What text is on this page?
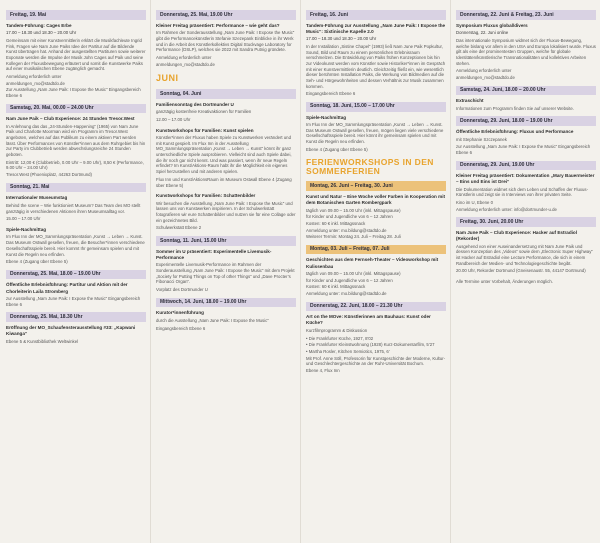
Freitag, 19. Mai
Tandem-Führung: Cages Erbe
17.00 – 18.30 und 18.30 – 20.00 Uhr
Gemeinsam mit einer Kunstvermittlerin erklärt die Musikfachleute Ingrid Fink, Fragen wie Nam June Paiks Idee der Partitur auf die Bildende Kunst übertragen hat. Anhand der ausgestellten Partituren sowie weiterer Exponate werden die Impulse der Musik John Cages auf Paik und seine Kollegen der Fluxusbewegung erläutert und somit die Kunstwerke Paiks auf einer musikalischen Ebene zugänglich gemacht.
Anmeldung erforderlich unter
anmeldungen_mo@stadtdo.de
Zur Ausstellung „Nam June Paik: I Expose the Music“ Eingangsbereich Ebene 6
Samstag, 20. Mai, 00.00 – 24.00 Uhr
Nam June Paik – Club Experience: 24 Stunden Tresor.West
In Anlehnung das das „24-Stunden-Happening“ (1965) von Nam June Paik und Charlotte Moorman wird ein Programm im Tresor.West angeboten, welches auf das Publikum zu einem aktiven Part werden lässt. Über Performances von Künstler*innen aus dem Ruhrgebiet bis hin zur Party im Clubbetrieb werden abwechslungsreiche 24 Stunden geboten.
Eintritt: 12,00 € (Clubbetrieb, 0.00 Uhr – 9.00 Uhr), 8,50 € (Performance, 9.00 Uhr – 24.00 Uhr)
Tresor.West (Phoenixplatz, 44263 Dortmund)
Sonntag, 21. Mai
Internationaler Museumstag
Behind the scene – Wie funktioniert Museum? Das Team des MO stellt ganztägig in verschiedenen Aktionen ihren Museumsalltag vor.
15.00 – 17.00 Uhr
Spiele-Nachmittag
Im Flux Inn der MO_Sammlungspräsentation „Kunst → Leben → Kunst. Das Museum Ostwall gesellen, freuen, die Besucher*innen verschiedene Gesellschaftsspiele bereit. Hier kommt Ihr gemeinsam spielen und mit Kunst die Regeln neu erfinden.
Ebene 4 (Zugang über Ebene 5)
Donnerstag, 25. Mai, 18.00 – 19.00 Uhr
Öffentliche Erlebnisführung: Partitur und Aktion mit der Chorleiterin Laila Stromberg
zur Ausstellung „Nam June Paik: I Expose the Music“ Eingangsbereich Ebene 6
Donnerstag, 25. Mai, 18.30 Uhr
Eröffnung der MO_Schaufensterausstellung #33: „Kapwani Kiwanga“
Ebene 5 & Kunstbibliothek Weltwinkel
Donnerstag, 25. Mai, 19.00 Uhr
Kleiner Freitag präsentiert: Performance – wie geht das?
Im Rahmen der Sonderausstellung „Nam June Paik: I Expose the Music“ gibt die Performancekünstlerin Stefanie Szezepank Einblicke in ihr Werk und in die Arbeit des Künstlerkollektivs Digital Stuckvage Laboratory for Performance (DSLP), welches sie 2022 mit Sandra Putnig gründete.
Anmeldung erforderlich unter
anmeldungen_mo@stadtdo.de
JUNI
Sonntag, 04. Juni
Familiensonntag des Dortmunder U
ganztägig kostenfreie Kreativaktionen für Familien
12.00 – 17.00 Uhr
Kunstworkshops für Familien: Kunst spielen
Künstler*innen der Fluxus haben Spiele zu Kunstwerken verändert und mit Kunst gespielt. Im Flux Inn in der Ausstellung MO_Sammlungspräsentation „Kunst → Leben → Kunst“ könnt ihr ganz unterschiedliche Spiele ausprobieren. Vielleicht sind auch Spiele dabei, die ihr noch gar nicht kennt. Und was passiert, wenn ihr neue Regeln erfindet? Im Kunst/Aktions-Raum habt ihr die Möglichkeit ein eigenes Spiel herzustellen und mit anderen spielen.
Flux Inn und Kunst/AktionsRaum im Museum Ostwall Ebene 4 (Zugang über Ebene 5)
Kunstworkshops für Familien: Schattenbilder
Wir besuchen die Ausstellung „Nam June Paik: I Expose the Music“ und lassen uns von Kunstwerken inspirieren. In der Schulwerkstatt fotografieren wir eure Schattenbilder und nutzen sie für eine Collage oder ein gezeichnetes Bild.
Schulwerkstatt Ebene 2
Sonntag, 11. Juni, 15.00 Uhr
Sommer im U präsentiert: Experimentelle Livemusik-Performance
Experimentelle Livemusik-Performance im Rahmen der Sonderausstellung „Nam June Paik: I Expose the Music“ mit dem Projekt „Society for Putting Things on Top of other Things“ und „Dave Procter’s Fibonacci Organ“.
Vorplatz des Dortmunder U
Mittwoch, 14. Juni, 18.00 – 19.00 Uhr
Kurator*innenführung
durch die Ausstellung „Nam June Paik: I Expose the Music“
Eingangsbereich Ebene 6
Freitag, 16. Juni
Tandem-Führung zur Ausstellung „Nam June Paik: I Expose the Music“: Sixtinische Kapelle 2.0
17.00 – 18.30 und 18.30 – 20.00 Uhr
In der Installation „Sistine Chapel“ (1993) ließ Nam June Paik Popkultur, Sound, Bild und Raum zu einem persönlichen Erlebnisraum verschmelzen. Die Entwicklung von Paiks frühen Konzeptionen bis hin zur Videokunst werden vom Künstler sowie Historiker*innen im Gespräch mit einer Kunstvermittlerin deutlich. Gleichzeitig fließt ein, wie wesentlich dieser berühmten Installation Paiks, die Werkung von Bildmedien auf die Seh- und Hörgewohnheiten und dessen Verhältnis zur Musik zusammen kommen.
Eingangsbereich Ebene 6
Sonntag, 18. Juni, 15.00 – 17.00 Uhr
Spiele-Nachmittag
Im Flux Inn der MO_Sammlungspräsentation „Kunst → Leben → Kunst. Das Museum Ostwall gesellen, freuen, mögen liegen viele verschiedene Gesellschaftsspiele bereit. Hier könnt ihr gemeinsam spielen und mit Kunst die Regeln neu erfinden.
Ebene 4 (Zugang über Ebene 5)
FERIENWORKSHOPS IN DEN SOMMERFERIEN
Montag, 26. Juni – Freitag, 30. Juni
Kunst und Natur – Eine Woche voller Farben in Kooperation mit dem Botanischen Garten Rombergpark
täglich von 09.00 – 15.00 Uhr (inkl. Mittagspause)
für Kinder und Jugendliche von 6 – 12 Jahren
Kosten: 60 € inkl. Mittagssnack
Anmeldung unter: mo.bildung@stadtdo.de
Weiterer Termin: Montag 24. Juli – Freitag 28. Juli
Montag, 03. Juli – Freitag, 07. Juli
Geschichten aus dem Fernseh-Theater – Videoworkshop mit Kulissenbau
täglich von 09.00 – 15.00 Uhr (inkl. Mittagspause)
für Kinder und Jugendliche von 6 – 12 Jahren
Kosten: 60 € inkl. Mittagssnack
Anmeldung unter: mo.bildung@stadtdo.de
Donnerstag, 22. Juni, 18.00 – 21.30 Uhr
Art on the MOve: Künstlerinnen am Bauhaus: Kunst oder Küche?
Kurzfilmprogramm & Diskussion
• Die Frankfurter Küche, 1927, 8‘02
• Die Frankfurter Kleinstwohnung (1928) Kurz-Dokumentarfilm, 5‘27
• Martha Rosler, Kitchen Semiotics, 1975, 6‘
Mit Prof. Anne Söll, Professorin für Kunstgeschichte der Moderne, Kultur- und Geschlechtergeschichte an der Ruhr-Universität Bochum.
Ebene 4, Flux Inn
Donnerstag, 22. Juni & Freitag, 23. Juni
Symposium Fluxus global/divers
Donnerstag, 22. Juni online
Das internationale Symposium widmet sich der Fluxus-Bewegung, welche bislang vor allem in den USA und Europa lokalisiert wurde. Fluxus gilt als eine der prominentesten Gruppen, welche für globale Identitäten/künstlerische Transnationalitäten und kollektives Arbeiten stehen.
Anmeldung erforderlich unter
anmeldungen_mo@stadtdo.de
Samstag, 24. Juni, 18.00 – 20.00 Uhr
Extraschicht
Informationen zum Programm finden Sie auf unserer Website.
Donnerstag, 29. Juni, 18.00 – 19.00 Uhr
Öffentliche Erlebnisführung: Fluxus und Performance
mit Stephanie Szczepanek
zur Ausstellung „Nam June Paik: I Expose the Music“ Eingangsbereich Ebene 6
Donnerstag, 29. Juni, 19.00 Uhr
Kleiner Freitag präsentiert: Dokumentation „Mary Bauermeister – Eins und Eins ist Drei“
Die Dokumentation widmet sich dem Leben und Schaffen der Fluxus-Künstlerin und zeigt sie in Interviews von ihrer privaten Seite.
Kino im U, Ebene 0
Anmeldung erforderlich unter: info@dortmunder-u.de
Freitag, 30. Juni, 20.00 Uhr
Nam June Paik – Club Experience: Hacker auf Estradiol (Rekorder)
Ausgehend von einer Auseinandersetzung mit Nam June Paik und dessen Konzeption des „Videos“ sowie dem „Electronic Super Highway“ ist Hacker auf Estradiol eine Lecture Performance, die sich in einem Randbereich der Medien- und Technologiegeschichte begibt.
20.00 Uhr, Rekorder Dortmund (Gneisenaustr. 55, 44147 Dortmund)
Alle Termine unter Vorbehalt, Änderungen möglich.
